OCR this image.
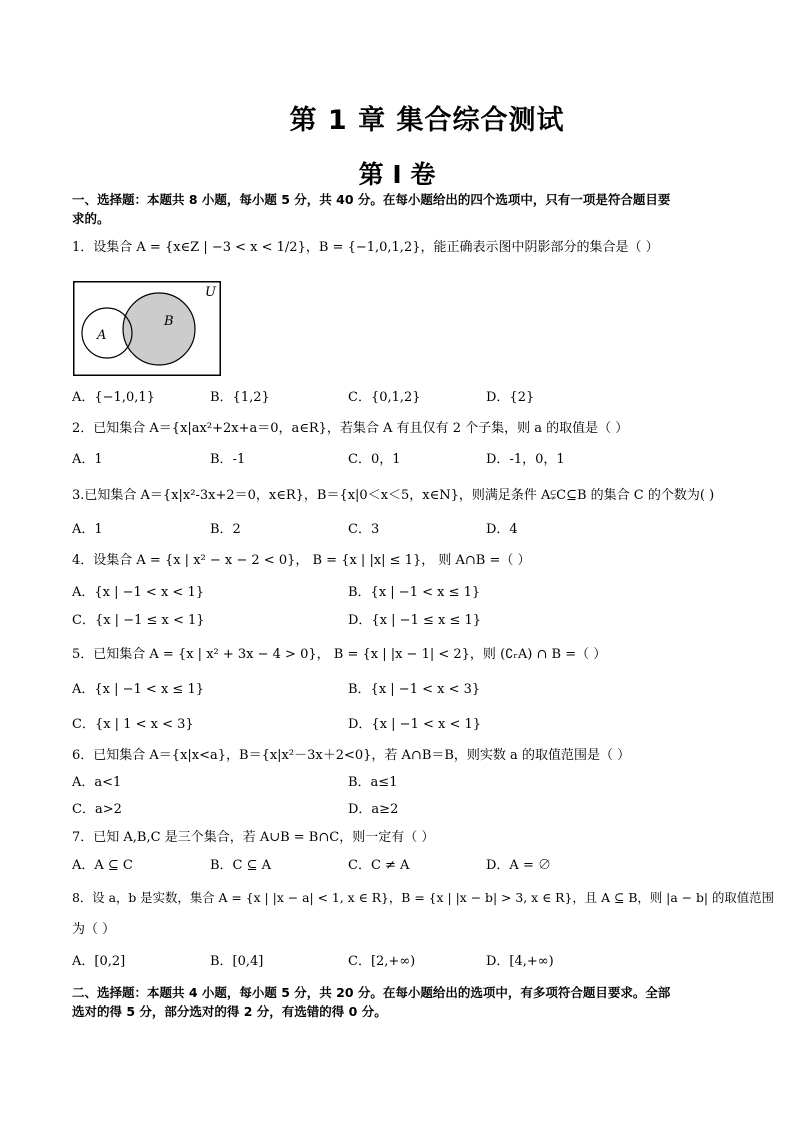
第 1 章 集合综合测试
第 I 卷
一、选择题：本题共 8 小题，每小题 5 分，共 40 分。在每小题给出的四个选项中，只有一项是符合题目要
求的。
1．设集合 A = {x∈Z | −3 < x < 1/2}，B = {−1,0,1,2}，能正确表示图中阴影部分的集合是（ ）
U
A
B
A．{−1,0,1}	B．{1,2}	C．{0,1,2}	D．{2}
2．已知集合 A＝{x|ax²+2x+a＝0，a∈R}，若集合 A 有且仅有 2 个子集，则 a 的取值是（ ）
A．1	B．-1	C．0，1	D．-1，0，1
3.已知集合 A＝{x|x²-3x+2＝0，x∈R}，B＝{x|0＜x＜5，x∈N}，则满足条件 A⫋C⊆B 的集合 C 的个数为( )
A．1	B．2	C．3	D．4
4．设集合 A = {x | x² − x − 2 < 0}， B = {x | |x| ≤ 1}， 则 A∩B =（ ）
A．{x | −1 < x < 1}	B．{x | −1 < x ≤ 1}
C．{x | −1 ≤ x < 1}	D．{x | −1 ≤ x ≤ 1}
5．已知集合 A = {x | x² + 3x − 4 > 0}， B = {x | |x − 1| < 2}，则 (∁ᵣA) ∩ B =（ ）
A．{x | −1 < x ≤ 1}	B．{x | −1 < x < 3}
C．{x | 1 < x < 3}	D．{x | −1 < x < 1}
6．已知集合 A＝{x|x<a}，B＝{x|x²－3x＋2<0}，若 A∩B＝B，则实数 a 的取值范围是（ ）
A．a<1	B．a≤1
C．a>2	D．a≥2
7．已知 A,B,C 是三个集合，若 A∪B = B∩C，则一定有（ ）
A．A ⊆ C	B．C ⊆ A	C．C ≠ A	D．A = ∅
8．设 a，b 是实数，集合 A = {x | |x − a| < 1, x ∈ R}，B = {x | |x − b| > 3, x ∈ R}，且 A ⊆ B，则 |a − b| 的取值范围
为（ ）
A．[0,2]	B．[0,4]	C．[2,+∞)	D．[4,+∞)
二、选择题：本题共 4 小题，每小题 5 分，共 20 分。在每小题给出的选项中，有多项符合题目要求。全部
选对的得 5 分，部分选对的得 2 分，有选错的得 0 分。
